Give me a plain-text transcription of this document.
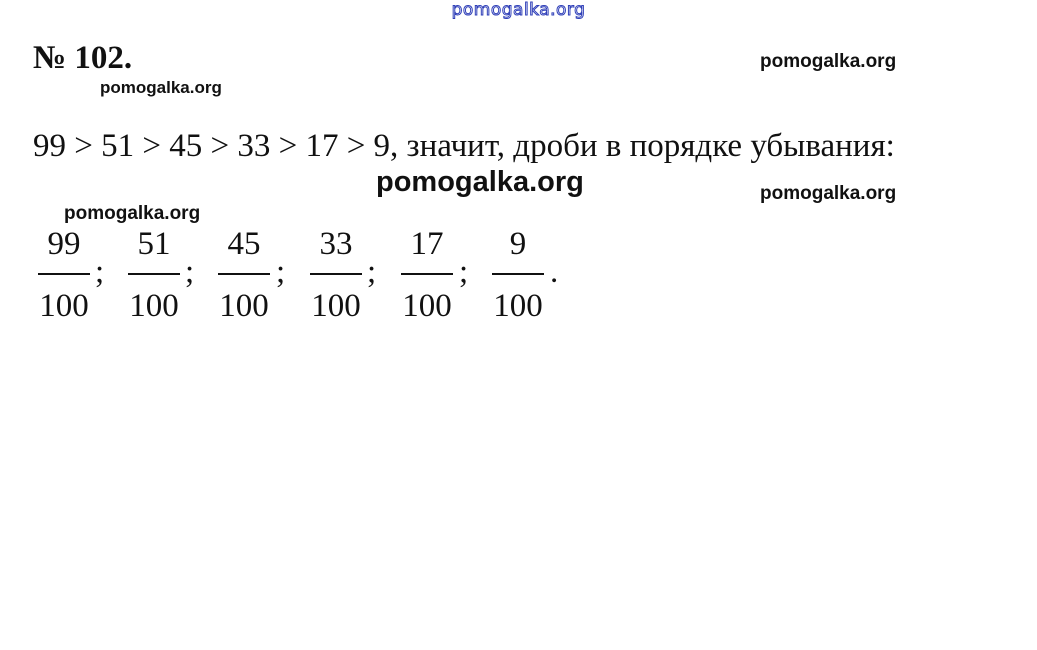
pomogalka.org
№ 102.
pomogalka.org
pomogalka.org
99 > 51 > 45 > 33 > 17 > 9, значит, дроби в порядке убывания:
pomogalka.org	pomogalka.org
pomogalka.org
99
100
;
51
100
;
45
100
;
33
100
;
17
100
;
9
100
.
